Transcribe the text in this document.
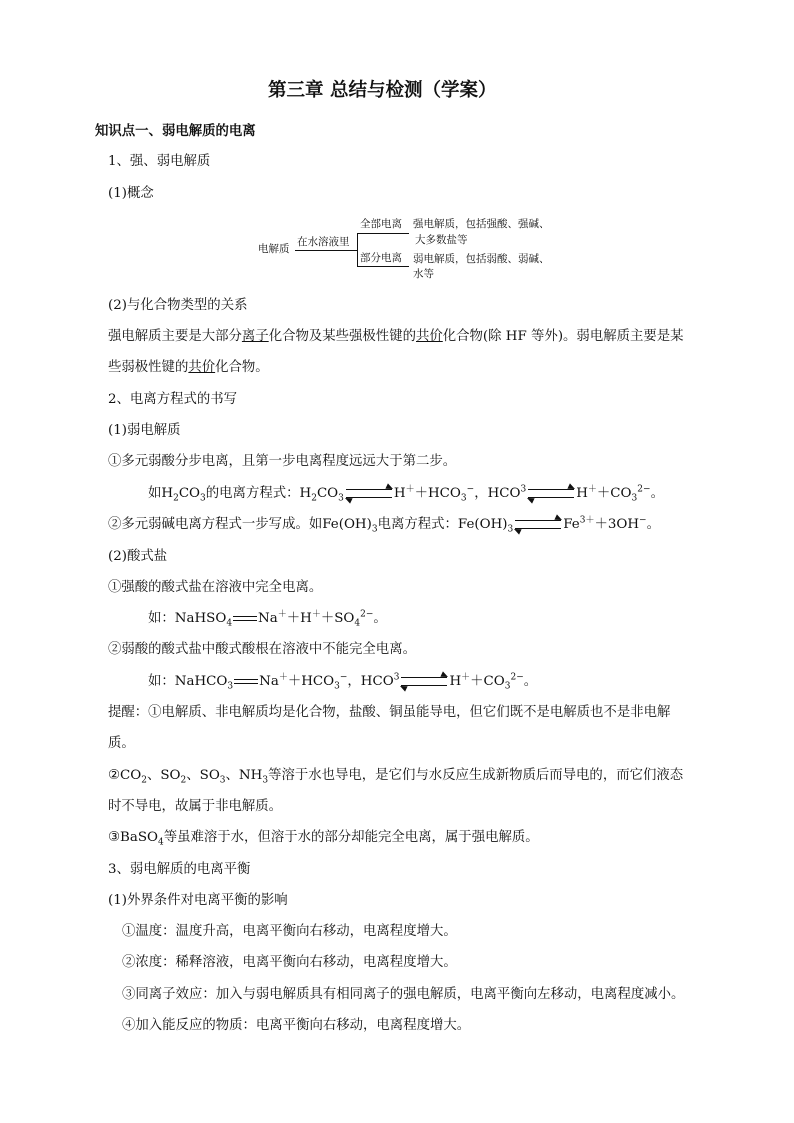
第三章 总结与检测（学案）
知识点一、弱电解质的电离
1、强、弱电解质
(1)概念
电解质
在水溶液里
全部电离
部分电离
强电解质，包括强酸、强碱、
大多数盐等
弱电解质，包括弱酸、弱碱、
水等
(2)与化合物类型的关系
强电解质主要是大部分离子化合物及某些强极性键的共价化合物(除 HF 等外)。弱电解质主要是某
些弱极性键的共价化合物。
2、电离方程式的书写
(1)弱电解质
①多元弱酸分步电离，且第一步电离程度远远大于第二步。
如$H_2CO_3$的电离方程式：$H_2CO_3$	$H^++HCO_3^-$，HCO$^3$	$H^++CO_3^{2-}$。
②多元弱碱电离方程式一步写成。如$Fe(OH)_3$电离方程式：$Fe(OH)_3$	$Fe^{3+}+3OH^-$。
(2)酸式盐
①强酸的酸式盐在溶液中完全电离。
如：NaHSO$_4$ $Na^++H^++SO_4^{2-}$。
②弱酸的酸式盐中酸式酸根在溶液中不能完全电离。
如：NaHCO$_3$ $Na^++HCO_3^-$，HCO$^3$	$H^++CO_3^{2-}$。
提醒：①电解质、非电解质均是化合物，盐酸、铜虽能导电，但它们既不是电解质也不是非电解
质。
$②CO_2$、$SO_2$、$SO_3$、$NH_3$等溶于水也导电，是它们与水反应生成新物质后而导电的，而它们液态
时不导电，故属于非电解质。
③BaSO$_4$等虽难溶于水，但溶于水的部分却能完全电离，属于强电解质。
3、弱电解质的电离平衡
(1)外界条件对电离平衡的影响
①温度：温度升高，电离平衡向右移动，电离程度增大。
②浓度：稀释溶液，电离平衡向右移动，电离程度增大。
③同离子效应：加入与弱电解质具有相同离子的强电解质，电离平衡向左移动，电离程度减小。
④加入能反应的物质：电离平衡向右移动，电离程度增大。
